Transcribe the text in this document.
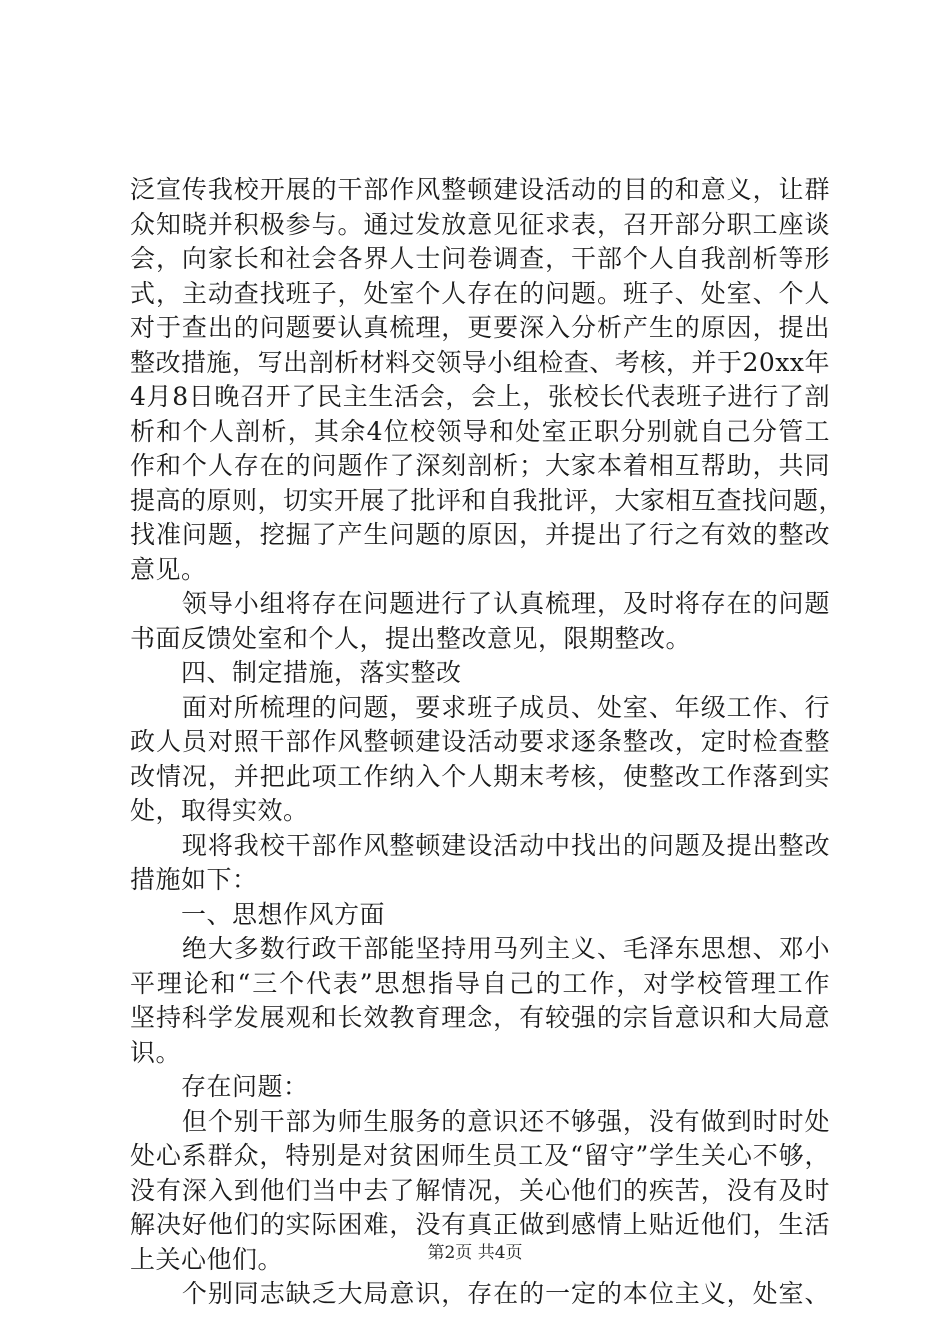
泛宣传我校开展的干部作风整顿建设活动的目的和意义，让群
众知晓并积极参与。通过发放意见征求表，召开部分职工座谈
会，向家长和社会各界人士问卷调查，干部个人自我剖析等形
式，主动查找班子，处室个人存在的问题。班子、处室、个人
对于查出的问题要认真梳理，更要深入分析产生的原因，提出
整改措施，写出剖析材料交领导小组检查、考核，并于20xx年
4月8日晚召开了民主生活会，会上，张校长代表班子进行了剖
析和个人剖析，其余4位校领导和处室正职分别就自己分管工
作和个人存在的问题作了深刻剖析；大家本着相互帮助，共同
提高的原则，切实开展了批评和自我批评，大家相互查找问题，
找准问题，挖掘了产生问题的原因，并提出了行之有效的整改
意见。
　　领导小组将存在问题进行了认真梳理，及时将存在的问题
书面反馈处室和个人，提出整改意见，限期整改。
　　四、制定措施，落实整改
　　面对所梳理的问题，要求班子成员、处室、年级工作、行
政人员对照干部作风整顿建设活动要求逐条整改，定时检查整
改情况，并把此项工作纳入个人期末考核，使整改工作落到实
处，取得实效。
　　现将我校干部作风整顿建设活动中找出的问题及提出整改
措施如下：
　　一、思想作风方面
　　绝大多数行政干部能坚持用马列主义、毛泽东思想、邓小
平理论和“三个代表”思想指导自己的工作，对学校管理工作
坚持科学发展观和长效教育理念，有较强的宗旨意识和大局意
识。
　　存在问题：
　　但个别干部为师生服务的意识还不够强，没有做到时时处
处心系群众，特别是对贫困师生员工及“留守”学生关心不够，
没有深入到他们当中去了解情况，关心他们的疾苦，没有及时
解决好他们的实际困难，没有真正做到感情上贴近他们，生活
上关心他们。
　　个别同志缺乏大局意识，存在的一定的本位主义，处室、
第2页 共4页
